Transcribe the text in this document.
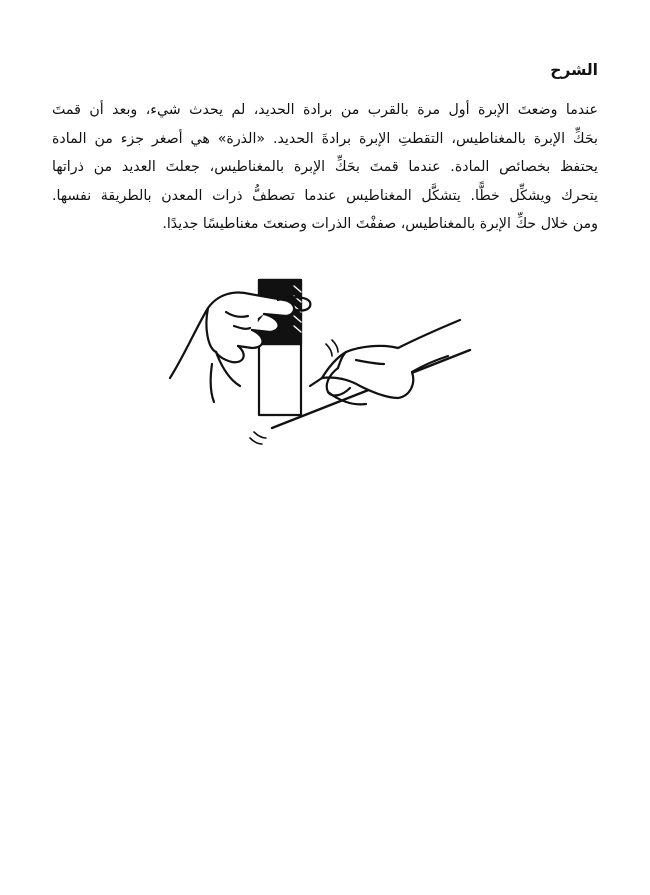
الشرح
عندما وضعتَ الإبرة أول مرة بالقرب من برادة الحديد، لم يحدث شيء، وبعد أن قمتَ
بحَكِّ الإبرة بالمغناطيس، التقطتِ الإبرة برادةَ الحديد. «الذرة» هي أصغر جزء من المادة
يحتفظ بخصائص المادة. عندما قمتَ بحَكِّ الإبرة بالمغناطيس، جعلتَ العديد من ذراتها
يتحرك ويشكِّل خطًّا. يتشكَّل المغناطيس عندما تصطفُّ ذرات المعدن بالطريقة نفسها.
ومن خلال حكِّ الإبرة بالمغناطيس، صففْتَ الذرات وصنعتَ مغناطيسًا جديدًا.
